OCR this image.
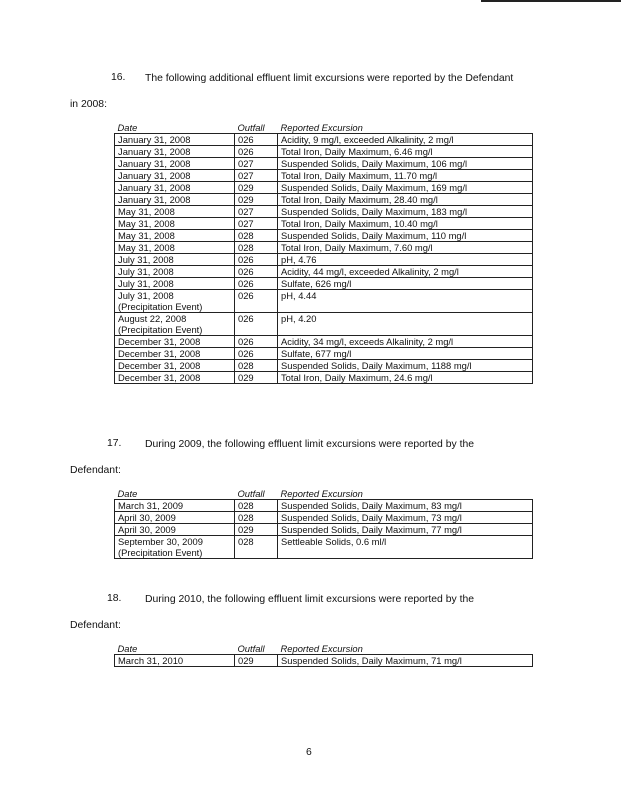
16. The following additional effluent limit excursions were reported by the Defendant
in 2008:
Date	Outfall	Reported Excursion
January 31, 2008	026	Acidity, 9 mg/l, exceeded Alkalinity, 2 mg/l
January 31, 2008	026	Total Iron, Daily Maximum, 6.46 mg/l
January 31, 2008	027	Suspended Solids, Daily Maximum, 106 mg/l
January 31, 2008	027	Total Iron, Daily Maximum, 11.70 mg/l
January 31, 2008	029	Suspended Solids, Daily Maximum, 169 mg/l
January 31, 2008	029	Total Iron, Daily Maximum, 28.40 mg/l
May 31, 2008	027	Suspended Solids, Daily Maximum, 183 mg/l
May 31, 2008	027	Total Iron, Daily Maximum, 10.40 mg/l
May 31, 2008	028	Suspended Solids, Daily Maximum, 110 mg/l
May 31, 2008	028	Total Iron, Daily Maximum, 7.60 mg/l
July 31, 2008	026	pH, 4.76
July 31, 2008	026	Acidity, 44 mg/l, exceeded Alkalinity, 2 mg/l
July 31, 2008	026	Sulfate, 626 mg/l
July 31, 2008
(Precipitation Event)	026	pH, 4.44
August 22, 2008
(Precipitation Event)	026	pH, 4.20
December 31, 2008	026	Acidity, 34 mg/l, exceeds Alkalinity, 2 mg/l
December 31, 2008	026	Sulfate, 677 mg/l
December 31, 2008	028	Suspended Solids, Daily Maximum, 1188 mg/l
December 31, 2008	029	Total Iron, Daily Maximum, 24.6 mg/l
17. During 2009, the following effluent limit excursions were reported by the
Defendant:
Date	Outfall	Reported Excursion
March 31, 2009	028	Suspended Solids, Daily Maximum, 83 mg/l
April 30, 2009	028	Suspended Solids, Daily Maximum, 73 mg/l
April 30, 2009	029	Suspended Solids, Daily Maximum, 77 mg/l
September 30, 2009
(Precipitation Event)	028	Settleable Solids, 0.6 ml/l
18. During 2010, the following effluent limit excursions were reported by the
Defendant:
Date	Outfall	Reported Excursion
March 31, 2010	029	Suspended Solids, Daily Maximum, 71 mg/l
6
